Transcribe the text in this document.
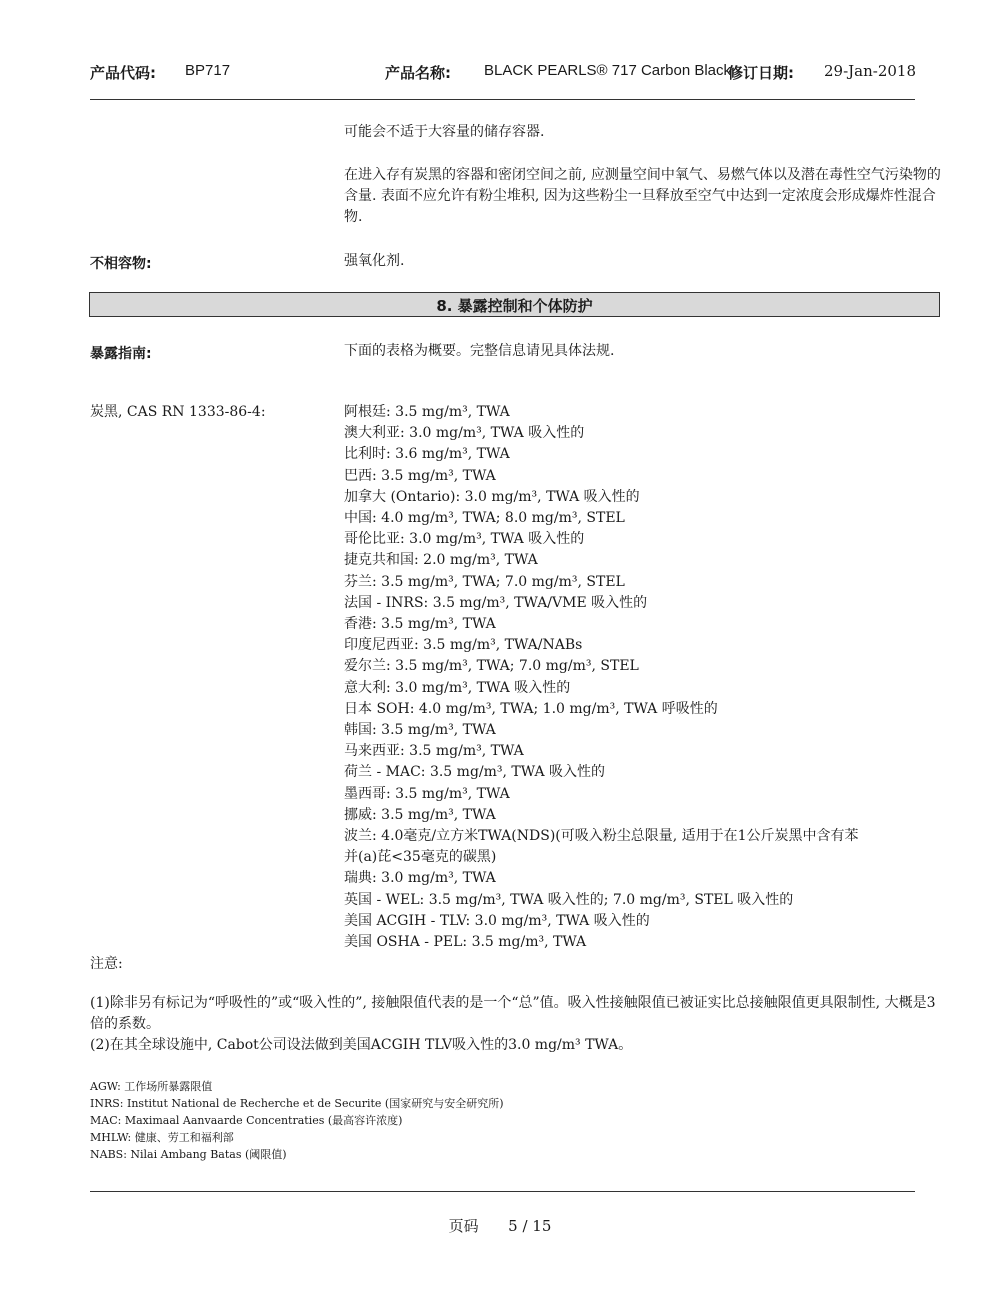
产品代码: BP717	产品名称: BLACK PEARLS® 717 Carbon Black
修订日期: 29-Jan-2018
可能会不适于大容量的储存容器.
在进入存有炭黑的容器和密闭空间之前, 应测量空间中氧气、易燃气体以及潜在毒性空气污染物的含量. 表面不应允许有粉尘堆积, 因为这些粉尘一旦释放至空气中达到一定浓度会形成爆炸性混合物.
不相容物:	强氧化剂.
8. 暴露控制和个体防护
暴露指南:	下面的表格为概要。完整信息请见具体法规.
炭黑, CAS RN 1333-86-4:	阿根廷: 3.5 mg/m³, TWA
澳大利亚: 3.0 mg/m³, TWA 吸入性的
比利时: 3.6 mg/m³, TWA
巴西: 3.5 mg/m³, TWA
加拿大 (Ontario): 3.0 mg/m³, TWA 吸入性的
中国: 4.0 mg/m³, TWA; 8.0 mg/m³, STEL
哥伦比亚: 3.0 mg/m³, TWA 吸入性的
捷克共和国: 2.0 mg/m³, TWA
芬兰: 3.5 mg/m³, TWA; 7.0 mg/m³, STEL
法国 - INRS: 3.5 mg/m³, TWA/VME 吸入性的
香港: 3.5 mg/m³, TWA
印度尼西亚: 3.5 mg/m³, TWA/NABs
爱尔兰: 3.5 mg/m³, TWA; 7.0 mg/m³, STEL
意大利: 3.0 mg/m³, TWA 吸入性的
日本 SOH: 4.0 mg/m³, TWA; 1.0 mg/m³, TWA 呼吸性的
韩国: 3.5 mg/m³, TWA
马来西亚: 3.5 mg/m³, TWA
荷兰 - MAC: 3.5 mg/m³, TWA 吸入性的
墨西哥: 3.5 mg/m³, TWA
挪威: 3.5 mg/m³, TWA
波兰: 4.0毫克/立方米TWA(NDS)(可吸入粉尘总限量, 适用于在1公斤炭黑中含有苯
并(a)芘<35毫克的碳黑)
瑞典: 3.0 mg/m³, TWA
英国 - WEL: 3.5 mg/m³, TWA 吸入性的; 7.0 mg/m³, STEL 吸入性的
美国 ACGIH - TLV: 3.0 mg/m³, TWA 吸入性的
美国 OSHA - PEL: 3.5 mg/m³, TWA
注意:
(1)除非另有标记为“呼吸性的”或“吸入性的”, 接触限值代表的是一个“总”值。吸入性接触限值已被证实比总接触限值更具限制性, 大概是3倍的系数。
(2)在其全球设施中, Cabot公司设法做到美国ACGIH TLV吸入性的3.0 mg/m³ TWA。
AGW: 工作场所暴露限值
INRS: Institut National de Recherche et de Securite (国家研究与安全研究所)
MAC: Maximaal Aanvaarde Concentraties (最高容许浓度)
MHLW: 健康、劳工和福利部
NABS: Nilai Ambang Batas (阈限值)
页码 5 / 15
